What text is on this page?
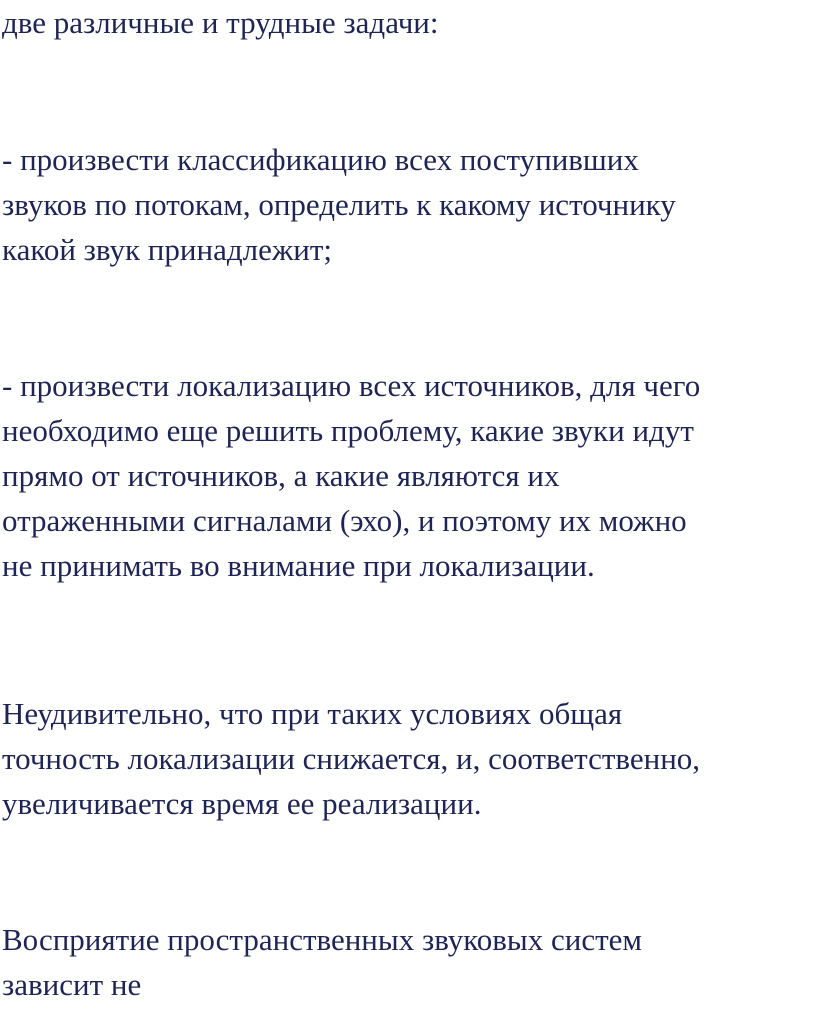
две различные и трудные задачи:

- произвести классификацию всех поступивших
звуков по потокам, определить к какому источнику
какой звук принадлежит;

- произвести локализацию всех источников, для чего
необходимо еще решить проблему, какие звуки идут
прямо от источников, а какие являются их
отраженными сигналами (эхо), и поэтому их можно
не принимать во внимание при локализации.

Неудивительно, что при таких условиях общая
точность локализации снижается, и, соответственно,
увеличивается время ее реализации.

Восприятие пространственных звуковых систем
зависит не
